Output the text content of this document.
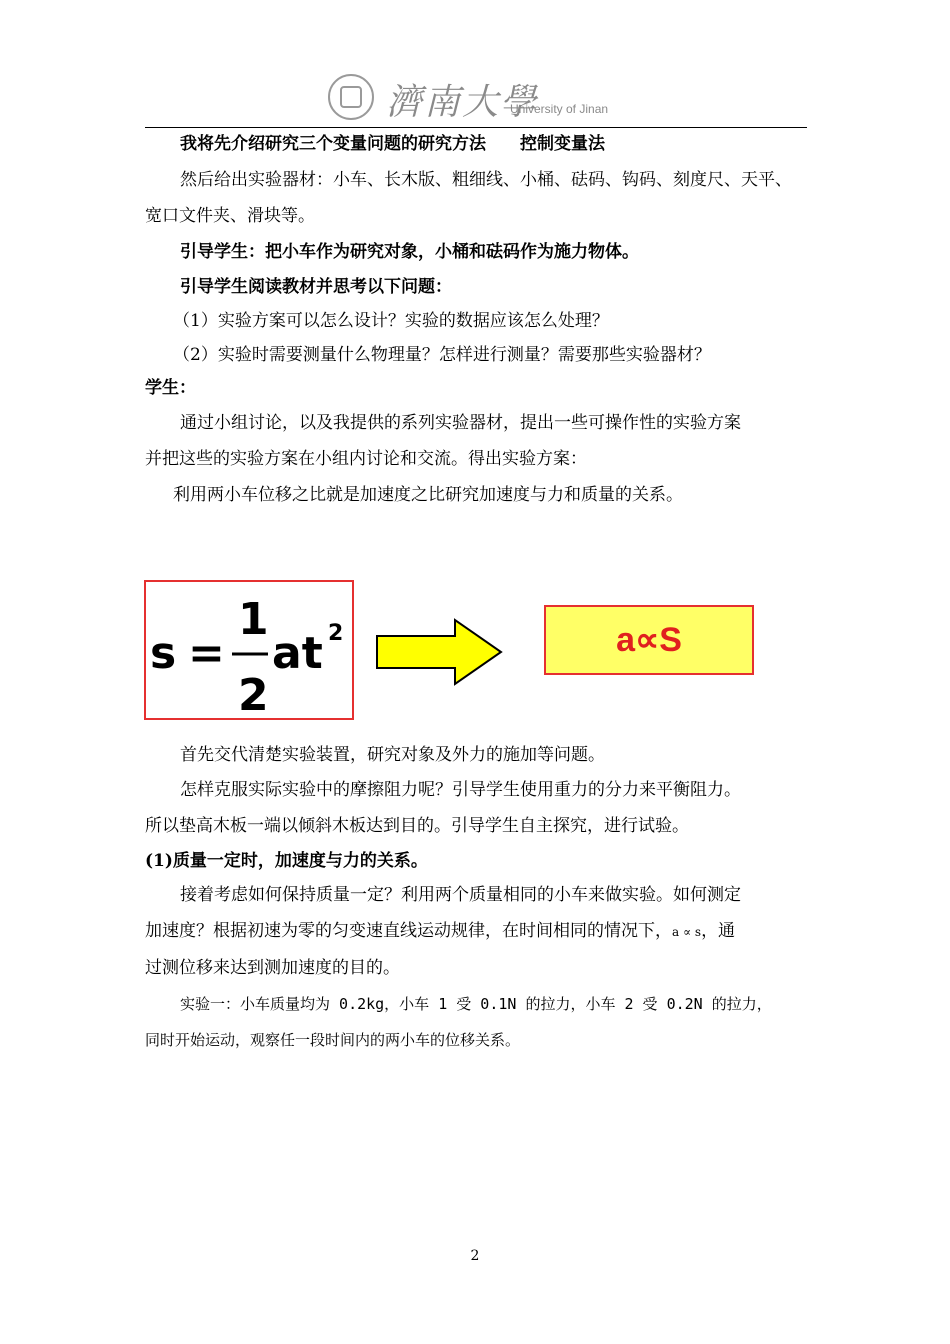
濟南大學
University of Jinan
我将先介绍研究三个变量问题的研究方法 控制变量法
然后给出实验器材：小车、长木版、粗细线、小桶、砝码、钩码、刻度尺、天平、
宽口文件夹、滑块等。
引导学生：把小车作为研究对象，小桶和砝码作为施力物体。
引导学生阅读教材并思考以下问题：
（1）实验方案可以怎么设计？实验的数据应该怎么处理？
（2）实验时需要测量什么物理量？怎样进行测量？需要那些实验器材？
学生：
通过小组讨论，以及我提供的系列实验器材，提出一些可操作性的实验方案
并把这些的实验方案在小组内讨论和交流。得出实验方案：
利用两小车位移之比就是加速度之比研究加速度与力和质量的关系。
s =
1
2
at 2	a∝S
首先交代清楚实验装置，研究对象及外力的施加等问题。
怎样克服实际实验中的摩擦阻力呢？引导学生使用重力的分力来平衡阻力。
所以垫高木板一端以倾斜木板达到目的。引导学生自主探究，进行试验。
(1)质量一定时，加速度与力的关系。
接着考虑如何保持质量一定？利用两个质量相同的小车来做实验。如何测定
加速度？根据初速为零的匀变速直线运动规律，在时间相同的情况下，a ∝ s，通
过测位移来达到测加速度的目的。
实验一：小车质量均为 0.2kg，小车 1 受 0.1N 的拉力，小车 2 受 0.2N 的拉力，
同时开始运动，观察任一段时间内的两小车的位移关系。
2
